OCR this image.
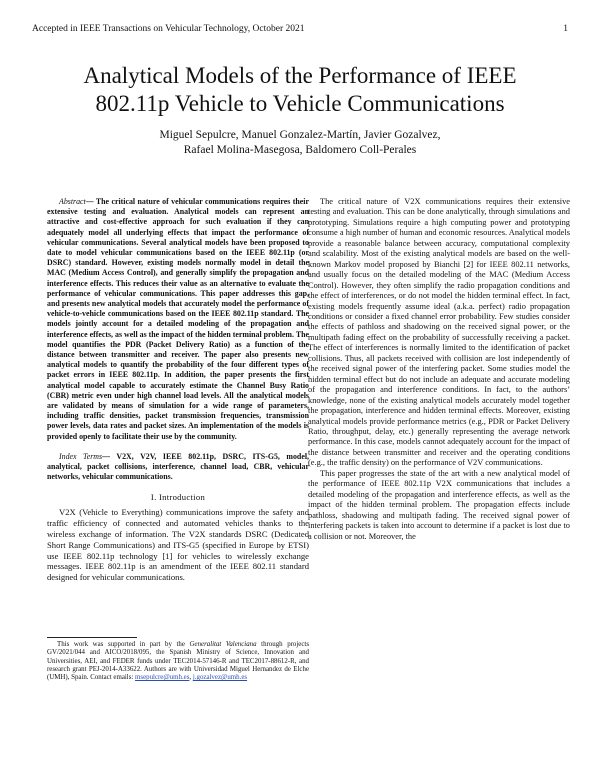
Accepted in IEEE Transactions on Vehicular Technology, October 2021	1
Analytical Models of the Performance of IEEE
802.11p Vehicle to Vehicle Communications
Miguel Sepulcre, Manuel Gonzalez-Martín, Javier Gozalvez,
Rafael Molina-Masegosa, Baldomero Coll-Perales

Abstract— The critical nature of vehicular communications requires their extensive testing and evaluation. Analytical models can represent an attractive and cost-effective approach for such evaluation if they can adequately model all underlying effects that impact the performance of vehicular communications. Several analytical models have been proposed to date to model vehicular communications based on the IEEE 802.11p (or DSRC) standard. However, existing models normally model in detail the MAC (Medium Access Control), and generally simplify the propagation and interference effects. This reduces their value as an alternative to evaluate the performance of vehicular communications. This paper addresses this gap, and presents new analytical models that accurately model the performance of vehicle-to-vehicle communications based on the IEEE 802.11p standard. The models jointly account for a detailed modeling of the propagation and interference effects, as well as the impact of the hidden terminal problem. The model quantifies the PDR (Packet Delivery Ratio) as a function of the distance between transmitter and receiver. The paper also presents new analytical models to quantify the probability of the four different types of packet errors in IEEE 802.11p. In addition, the paper presents the first analytical model capable to accurately estimate the Channel Busy Ratio (CBR) metric even under high channel load levels. All the analytical models are validated by means of simulation for a wide range of parameters, including traffic densities, packet transmission frequencies, transmission power levels, data rates and packet sizes. An implementation of the models is provided openly to facilitate their use by the community.

Index Terms— V2X, V2V, IEEE 802.11p, DSRC, ITS-G5, model, analytical, packet collisions, interference, channel load, CBR, vehicular networks, vehicular communications.

I. Introduction

V2X (Vehicle to Everything) communications improve the safety and traffic efficiency of connected and automated vehicles thanks to the wireless exchange of information. The V2X standards DSRC (Dedicated Short Range Communications) and ITS-G5 (specified in Europe by ETSI) use IEEE 802.11p technology [1] for vehicles to wirelessly exchange messages. IEEE 802.11p is an amendment of the IEEE 802.11 standard designed for vehicular communications.

The critical nature of V2X communications requires their extensive testing and evaluation. This can be done analytically, through simulations and prototyping. Simulations require a high computing power and prototyping consume a high number of human and economic resources. Analytical models provide a reasonable balance between accuracy, computational complexity and scalability. Most of the existing analytical models are based on the well-known Markov model proposed by Bianchi [2] for IEEE 802.11 networks, and usually focus on the detailed modeling of the MAC (Medium Access Control). However, they often simplify the radio propagation conditions and the effect of interferences, or do not model the hidden terminal effect. In fact, existing models frequently assume ideal (a.k.a. perfect) radio propagation conditions or consider a fixed channel error probability. Few studies consider the effects of pathloss and shadowing on the received signal power, or the multipath fading effect on the probability of successfully receiving a packet. The effect of interferences is normally limited to the identification of packet collisions. Thus, all packets received with collision are lost independently of the received signal power of the interfering packet. Some studies model the hidden terminal effect but do not include an adequate and accurate modeling of the propagation and interference conditions. In fact, to the authors’ knowledge, none of the existing analytical models accurately model together the propagation, interference and hidden terminal effects. Moreover, existing analytical models provide performance metrics (e.g., PDR or Packet Delivery Ratio, throughput, delay, etc.) generally representing the average network performance. In this case, models cannot adequately account for the impact of the distance between transmitter and receiver and the operating conditions (e.g., the traffic density) on the performance of V2V communications.

This paper progresses the state of the art with a new analytical model of the performance of IEEE 802.11p V2X communications that includes a detailed modeling of the propagation and interference effects, as well as the impact of the hidden terminal problem. The propagation effects include pathloss, shadowing and multipath fading. The received signal power of interfering packets is taken into account to determine if a packet is lost due to a collision or not. Moreover, the

This work was supported in part by the Generalitat Valenciana through projects GV/2021/044 and AICO/2018/095, the Spanish Ministry of Science, Innovation and Universities, AEI, and FEDER funds under TEC2014-57146-R and TEC2017-88612-R, and research grant PEJ-2014-A33622. Authors are with Universidad Miguel Hernandez de Elche (UMH), Spain. Contact emails: msepulcre@umh.es, j.gozalvez@umh.es
